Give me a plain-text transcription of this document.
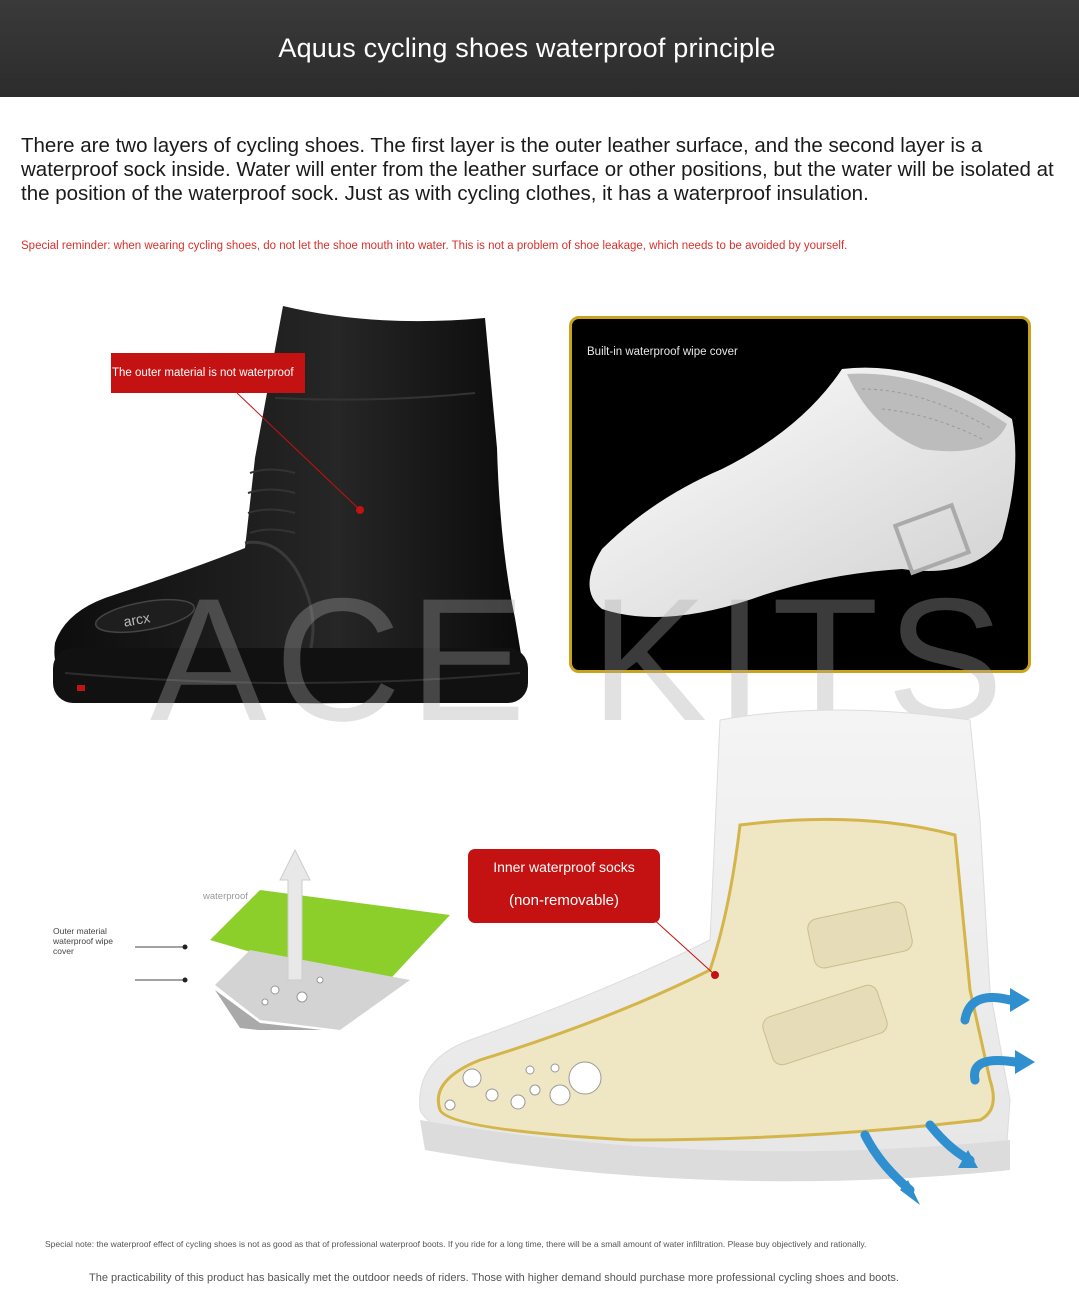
Aquus cycling shoes waterproof principle

There are two layers of cycling shoes. The first layer is the outer leather surface, and the second layer is a waterproof sock inside. Water will enter from the leather surface or other positions, but the water will be isolated at the position of the waterproof sock. Just as with cycling clothes, it has a waterproof insulation.

Special reminder: when wearing cycling shoes, do not let the shoe mouth into water. This is not a problem of shoe leakage, which needs to be avoided by yourself.

arcx
The outer material is not waterproof
Built-in waterproof wipe cover
ACE KITS
waterproof
Outer material waterproof wipe cover
Inner waterproof socks
(non-removable)
Special note: the waterproof effect of cycling shoes is not as good as that of professional waterproof boots. If you ride for a long time, there will be a small amount of water infiltration. Please buy objectively and rationally.
The practicability of this product has basically met the outdoor needs of riders. Those with higher demand should purchase more professional cycling shoes and boots.
